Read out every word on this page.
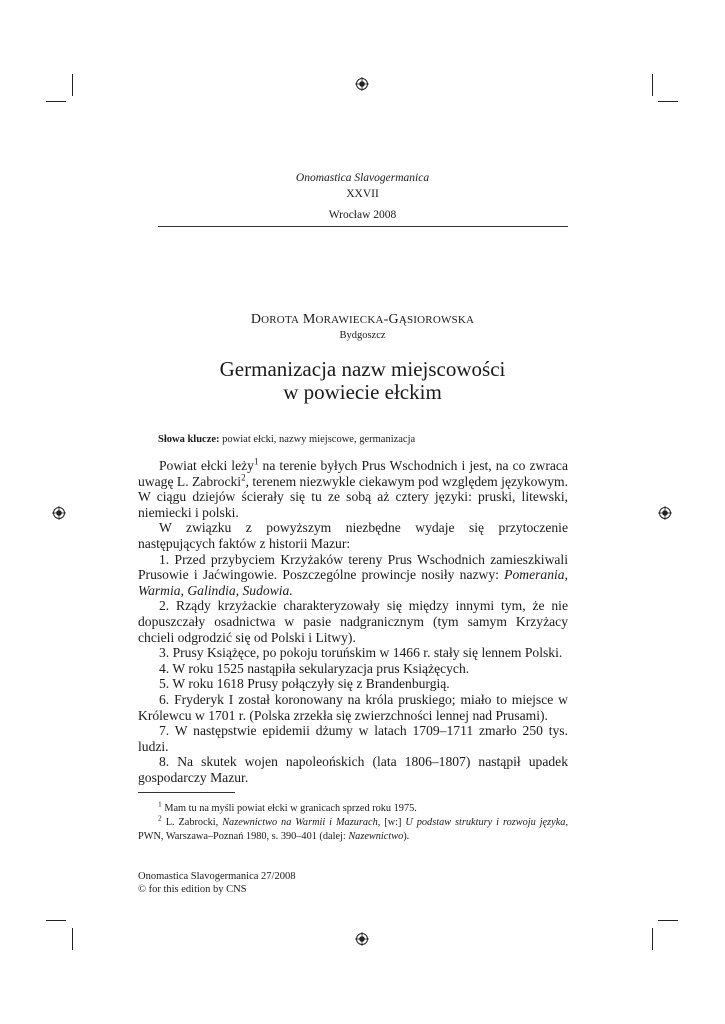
Onomastica Slavogermanica
XXVII
Wrocław 2008
DOROTA MORAWIECKA-GĄSIOROWSKA
Bydgoszcz
Germanizacja nazw miejscowości
w powiecie ełckim
Słowa klucze: powiat ełcki, nazwy miejscowe, germanizacja

Powiat ełcki leży$^1$ na terenie byłych Prus Wschodnich i jest, na co zwraca uwagę L. Zabrocki$^2$, terenem niezwykle ciekawym pod względem językowym. W ciągu dziejów ścierały się tu ze sobą aż cztery języki: pruski, litewski, niemiecki i polski.

W związku z powyższym niezbędne wydaje się przytoczenie następujących faktów z historii Mazur:

1. Przed przybyciem Krzyżaków tereny Prus Wschodnich zamieszkiwali Prusowie i Jaćwingowie. Poszczególne prowincje nosiły nazwy: Pomerania, Warmia, Galindia, Sudowia.

2. Rządy krzyżackie charakteryzowały się między innymi tym, że nie dopuszczały osadnictwa w pasie nadgranicznym (tym samym Krzyżacy chcieli odgrodzić się od Polski i Litwy).

3. Prusy Książęce, po pokoju toruńskim w 1466 r. stały się lennem Polski.

4. W roku 1525 nastąpiła sekularyzacja prus Książęcych.

5. W roku 1618 Prusy połączyły się z Brandenburgią.

6. Fryderyk I został koronowany na króla pruskiego; miało to miejsce w Królewcu w 1701 r. (Polska zrzekła się zwierzchności lennej nad Prusami).

7. W następstwie epidemii dżumy w latach 1709–1711 zmarło 250 tys. ludzi.

8. Na skutek wojen napoleońskich (lata 1806–1807) nastąpił upadek gospodarczy Mazur.

$^1$ Mam tu na myśli powiat ełcki w granicach sprzed roku 1975.

$^2$ L. Zabrocki, Nazewnictwo na Warmii i Mazurach, [w:] U podstaw struktury i rozwoju języka, PWN, Warszawa–Poznań 1980, s. 390–401 (dalej: Nazewnictwo).

Onomastica Slavogermanica 27/2008
© for this edition by CNS
